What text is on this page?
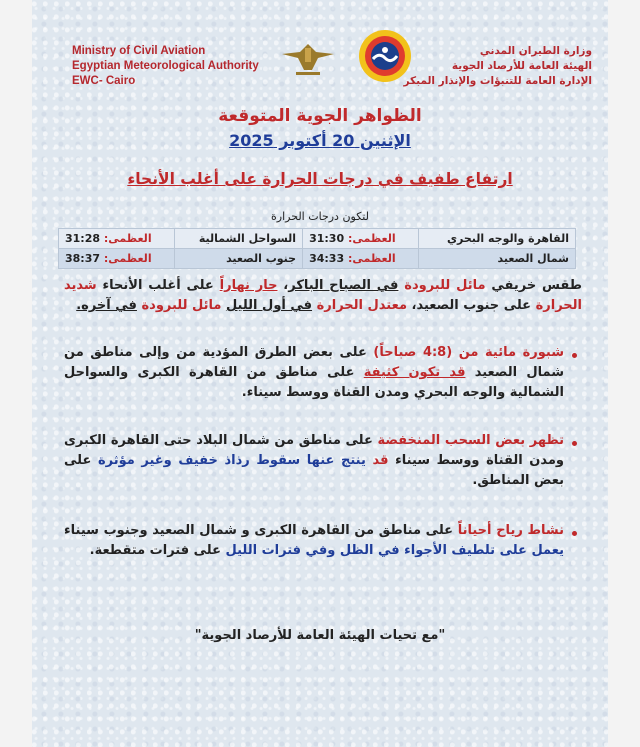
Ministry of Civil Aviation
Egyptian Meteorological Authority
EWC- Cairo
وزارة الطيران المدني
الهيئة العامة للأرصاد الجوية
الإدارة العامة للتنبؤات والإنذار المبكر
الظواهر الجوية المتوقعة
الإثنين 20 أكتوبر 2025
ارتفاع طفيف في درجات الحرارة على أغلب الأنحاء
لتكون درجات الحرارة
القاهرة والوجه البحري	العظمى: 31:30	السواحل الشمالية	العظمى: 31:28
شمال الصعيد	العظمى: 34:33	جنوب الصعيد	العظمى: 38:37
طقس خريفي مائل للبرودة في الصباح الباكر، حار نهاراً على أغلب الأنحاء شديد الحرارة على جنوب الصعيد، معتدل الحرارة في أول الليل مائل للبرودة في آخره.
شبورة مائية من (4:8 صباحاً) على بعض الطرق المؤدية من وإلى مناطق من شمال الصعيد قد تكون كثيفة على مناطق من القاهرة الكبرى والسواحل الشمالية والوجه البحري ومدن القناة ووسط سيناء.
تظهر بعض السحب المنخفضة على مناطق من شمال البلاد حتى القاهرة الكبرى ومدن القناة ووسط سيناء قد ينتج عنها سقوط رذاذ خفيف وغير مؤثرة على بعض المناطق.
نشاط رياح أحياناً على مناطق من القاهرة الكبرى و شمال الصعيد وجنوب سيناء يعمل على تلطيف الأجواء في الظل وفي فترات الليل على فترات متقطعة.
"مع تحيات الهيئة العامة للأرصاد الجوية"
